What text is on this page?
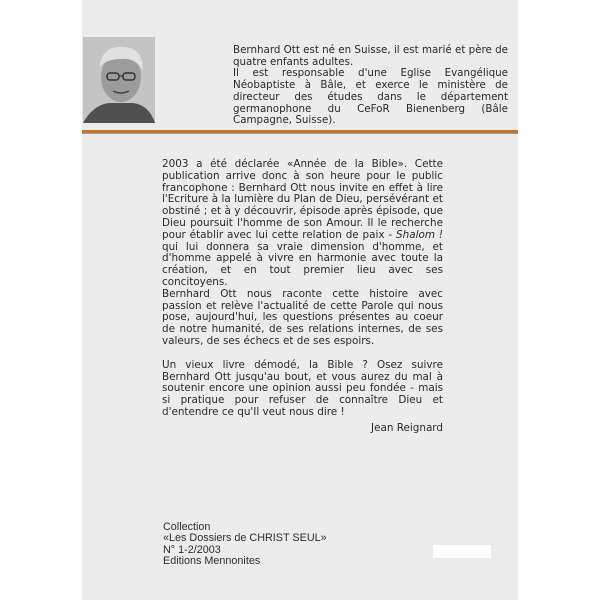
Bernhard Ott est né en Suisse, il est marié et père de quatre enfants adultes.

Il est responsable d'une Eglise Evangélique Néobaptiste à Bâle, et exerce le ministère de directeur des études dans le département germanophone du CeFoR Bienenberg (Bâle Campagne, Suisse).

2003 a été déclarée «Année de la Bible». Cette publication arrive donc à son heure pour le public francophone : Bernhard Ott nous invite en effet à lire l'Ecriture à la lumière du Plan de Dieu, persévérant et obstiné ; et à y découvrir, épisode après épisode, que Dieu poursuit l'homme de son Amour. Il le recherche pour établir avec lui cette relation de paix - Shalom ! qui lui donnera sa vraie dimension d'homme, et d'homme appelé à vivre en harmonie avec toute la création, et en tout premier lieu avec ses concitoyens.

Bernhard Ott nous raconte cette histoire avec passion et relève l'actualité de cette Parole qui nous pose, aujourd'hui, les questions présentes au coeur de notre humanité, de ses relations internes, de ses valeurs, de ses échecs et de ses espoirs.

Un vieux livre démodé, la Bible ? Osez suivre Bernhard Ott jusqu'au bout, et vous aurez du mal à soutenir encore une opinion aussi peu fondée - mais si pratique pour refuser de connaître Dieu et d'entendre ce qu'Il veut nous dire !

Jean Reignard

Collection
«Les Dossiers de CHRIST SEUL»
N° 1-2/2003
Editions Mennonites
